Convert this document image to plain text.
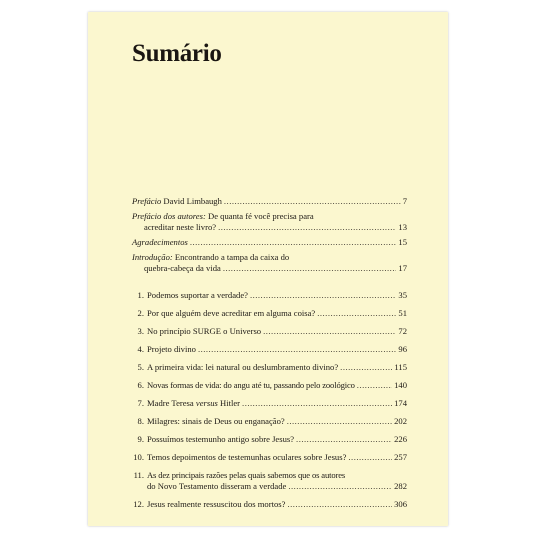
Sumário
Prefácio David Limbaugh .....	7
Prefácio dos autores: De quanta fé você precisa para
acreditar neste livro? .....	13
Agradecimentos .....	15
Introdução: Encontrando a tampa da caixa do
quebra-cabeça da vida .....	17
1. Podemos suportar a verdade? .....	35
2. Por que alguém deve acreditar em alguma coisa? .....	51
3. No princípio SURGE o Universo .....	72
4. Projeto divino .....	96
5. A primeira vida: lei natural ou deslumbramento divino? .....	115
6. Novas formas de vida: do angu até tu, passando pelo zoológico .....	140
7. Madre Teresa versus Hitler .....	174
8. Milagres: sinais de Deus ou enganação? .....	202
9. Possuímos testemunho antigo sobre Jesus? .....	226
10. Temos depoimentos de testemunhas oculares sobre Jesus? .....	257
11. As dez principais razões pelas quais sabemos que os autores
do Novo Testamento disseram a verdade .....	282
12. Jesus realmente ressuscitou dos mortos? .....	306
